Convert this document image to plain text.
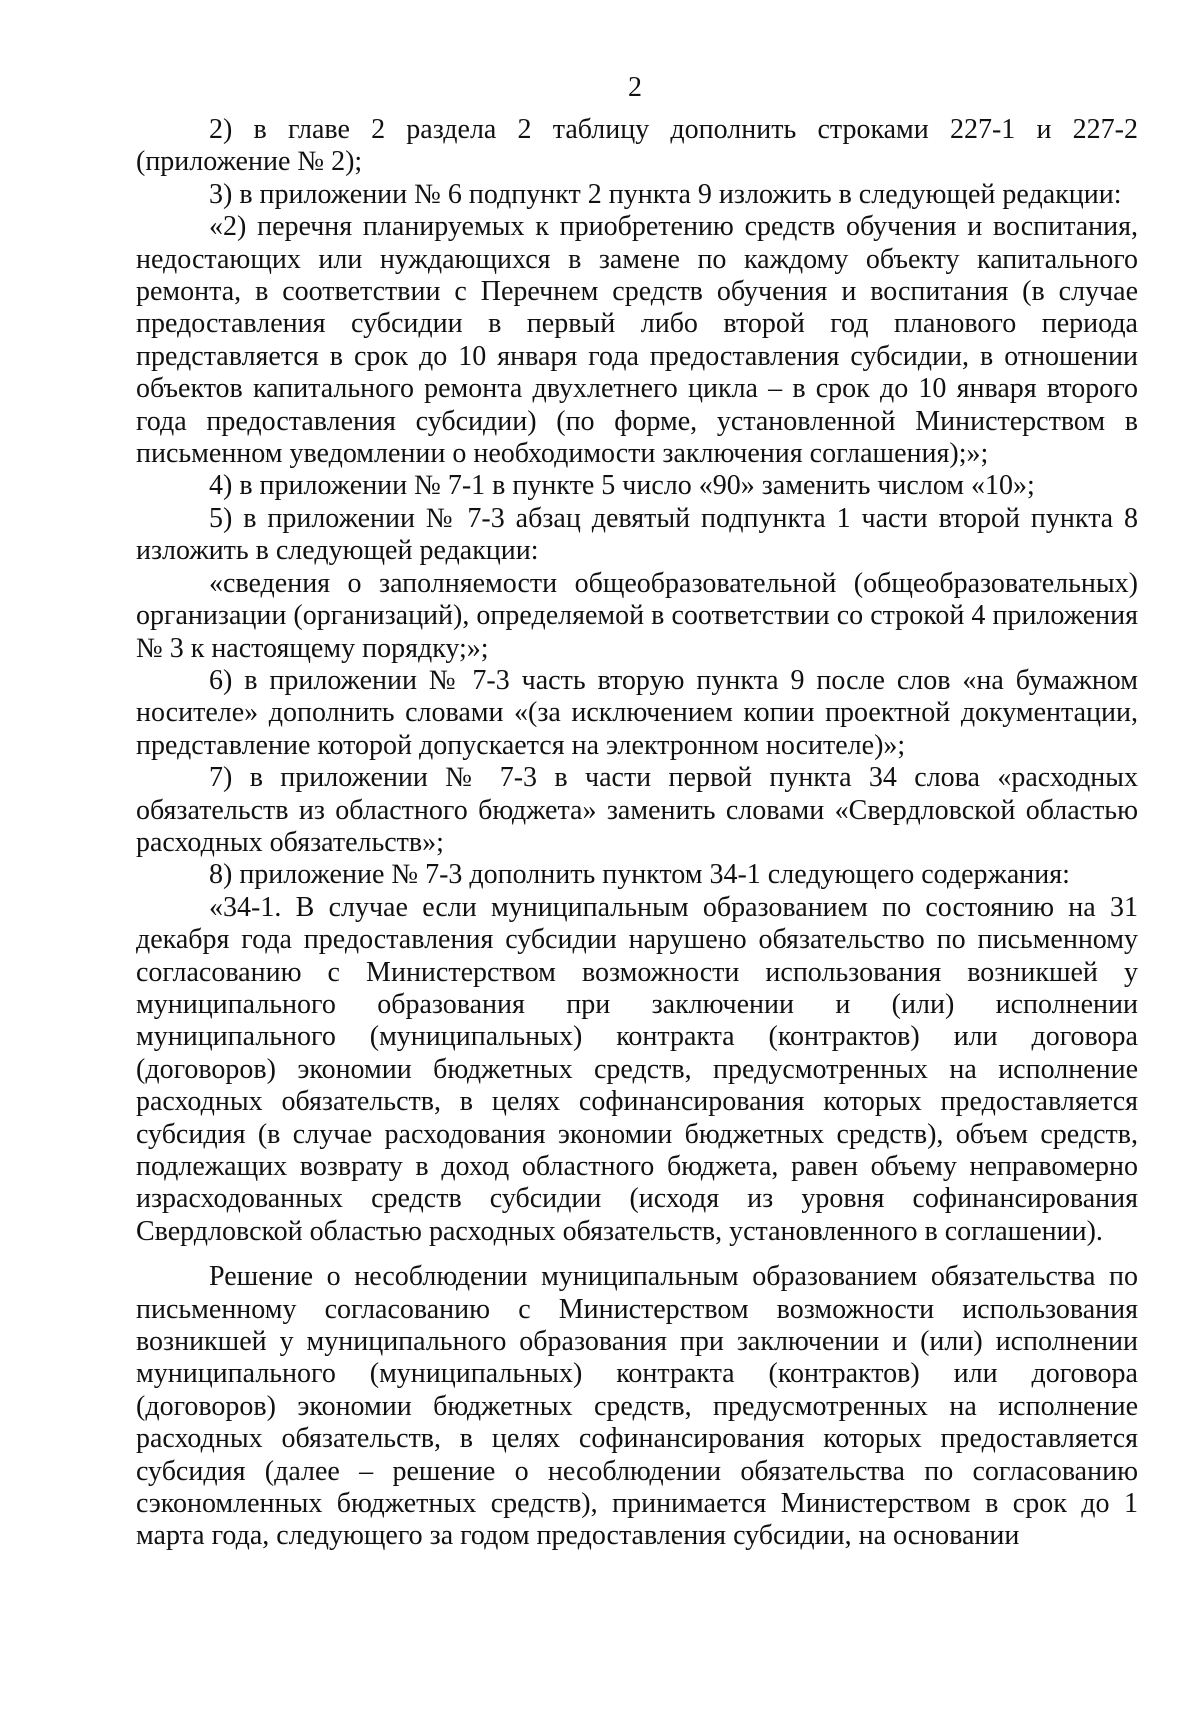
2

2) в главе 2 раздела 2 таблицу дополнить строками 227-1 и 227-2 (приложение № 2);

3) в приложении № 6 подпункт 2 пункта 9 изложить в следующей редакции:

«2) перечня планируемых к приобретению средств обучения и воспитания, недостающих или нуждающихся в замене по каждому объекту капитального ремонта, в соответствии с Перечнем средств обучения и воспитания (в случае предоставления субсидии в первый либо второй год планового периода представляется в срок до 10 января года предоставления субсидии, в отношении объектов капитального ремонта двухлетнего цикла – в срок до 10 января второго года предоставления субсидии) (по форме, установленной Министерством в письменном уведомлении о необходимости заключения соглашения);»;

4) в приложении № 7-1 в пункте 5 число «90» заменить числом «10»;

5) в приложении № 7-3 абзац девятый подпункта 1 части второй пункта 8 изложить в следующей редакции:

«сведения о заполняемости общеобразовательной (общеобразовательных) организации (организаций), определяемой в соответствии со строкой 4 приложения № 3 к настоящему порядку;»;

6) в приложении № 7-3 часть вторую пункта 9 после слов «на бумажном носителе» дополнить словами «(за исключением копии проектной документации, представление которой допускается на электронном носителе)»;

7) в приложении № 7-3 в части первой пункта 34 слова «расходных обязательств из областного бюджета» заменить словами «Свердловской областью расходных обязательств»;

8) приложение № 7-3 дополнить пунктом 34-1 следующего содержания:

«34-1. В случае если муниципальным образованием по состоянию на 31 декабря года предоставления субсидии нарушено обязательство по письменному согласованию с Министерством возможности использования возникшей у муниципального образования при заключении и (или) исполнении муниципального (муниципальных) контракта (контрактов) или договора (договоров) экономии бюджетных средств, предусмотренных на исполнение расходных обязательств, в целях софинансирования которых предоставляется субсидия (в случае расходования экономии бюджетных средств), объем средств, подлежащих возврату в доход областного бюджета, равен объему неправомерно израсходованных средств субсидии (исходя из уровня софинансирования Свердловской областью расходных обязательств, установленного в соглашении).

Решение о несоблюдении муниципальным образованием обязательства по письменному согласованию с Министерством возможности использования возникшей у муниципального образования при заключении и (или) исполнении муниципального (муниципальных) контракта (контрактов) или договора (договоров) экономии бюджетных средств, предусмотренных на исполнение расходных обязательств, в целях софинансирования которых предоставляется субсидия (далее – решение о несоблюдении обязательства по согласованию сэкономленных бюджетных средств), принимается Министерством в срок до 1 марта года, следующего за годом предоставления субсидии, на основании
